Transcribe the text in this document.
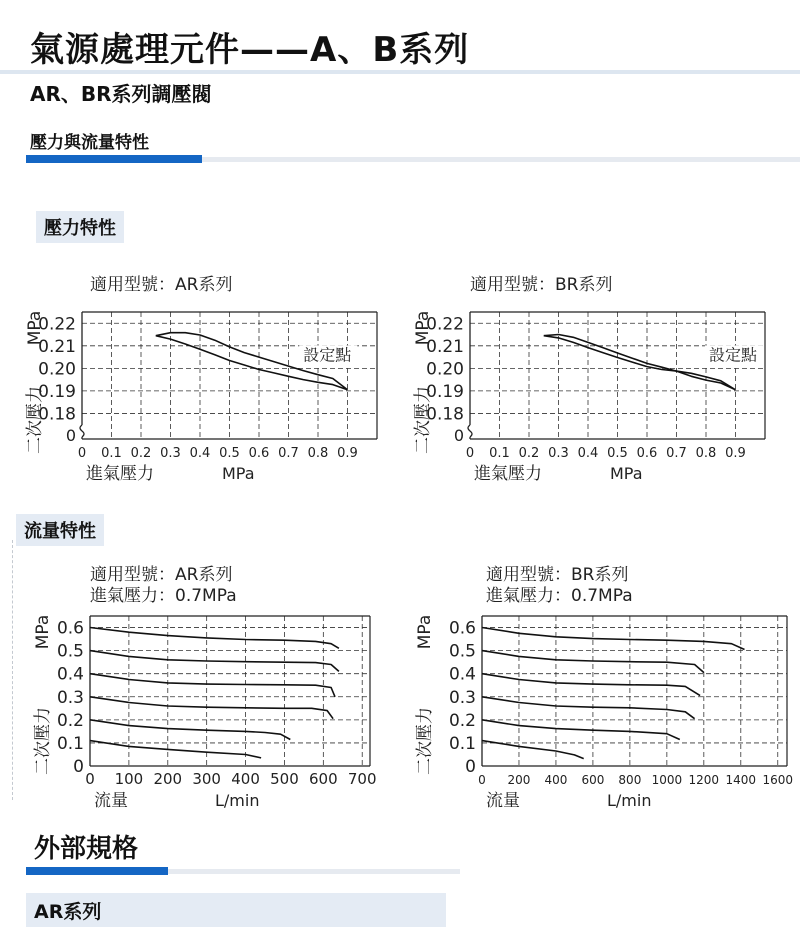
氣源處理元件——A、B系列
AR、BR系列調壓閥
壓力與流量特性
壓力特性
適用型號：AR系列
0
0.18
0.19
0.20
0.21
0.22
0 0.1 0.2 0.3 0.4 0.5 0.6 0.7 0.8 0.9
MPa
二次壓力
進氣壓力	MPa
設定點
適用型號：BR系列
0
0.18
0.19
0.20
0.21
0.22
0 0.1 0.2 0.3 0.4 0.5 0.6 0.7 0.8 0.9
MPa
二次壓力
進氣壓力	MPa
設定點
流量特性
適用型號：AR系列
進氣壓力：0.7MPa
0
0.1
0.2
0.3
0.4
0.5
0.6
0 100 200 300 400 500 600 700
MPa
二次壓力
流量	L/min
適用型號：BR系列
進氣壓力：0.7MPa
0
0.1
0.2
0.3
0.4
0.5
0.6
0 200 400 600 800 1000 1200 1400 1600
MPa
二次壓力
流量	L/min
外部規格
AR系列
